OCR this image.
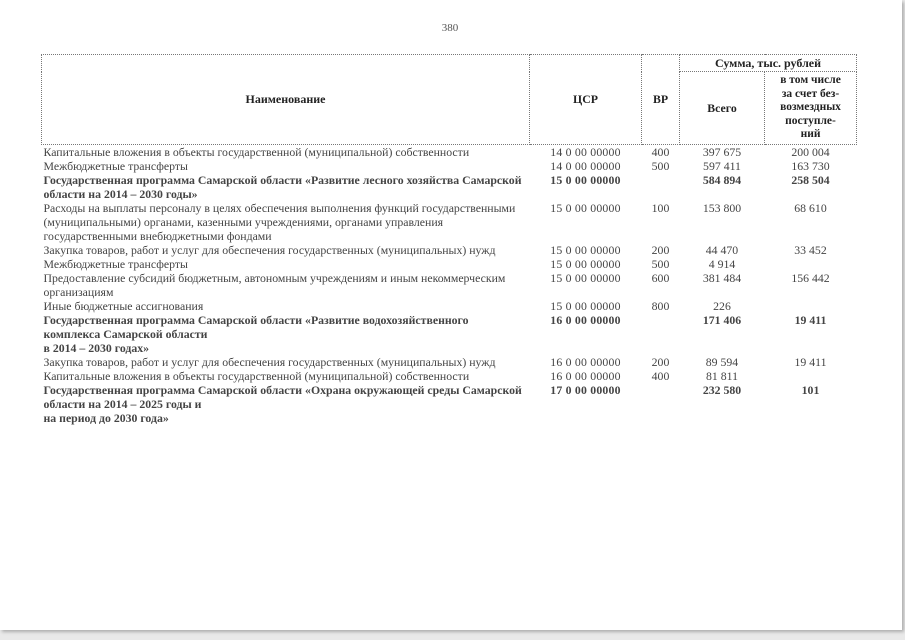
380
Наименование	ЦСР	ВР	Сумма, тыс. рублей	
			Всего	в том числе
за счет без-
возмездных
поступле-
ний

Капитальные вложения в объекты государственной (муниципальной) собственности	14 0 00 00000	400	397 675	200 004
Межбюджетные трансферты	14 0 00 00000	500	597 411	163 730
Государственная программа Самарской области «Развитие лесного хозяйства Самарской области на 2014 – 2030 годы»	15 0 00 00000		584 894	258 504
Расходы на выплаты персоналу в целях обеспечения выполнения функций государственными (муниципальными) органами, казенными учреждениями, органами управления государственными внебюджетными фондами	15 0 00 00000	100	153 800	68 610
Закупка товаров, работ и услуг для обеспечения государственных (муниципальных) нужд	15 0 00 00000	200	44 470	33 452
Межбюджетные трансферты	15 0 00 00000	500	4 914	
Предоставление субсидий бюджетным, автономным учреждениям и иным некоммерческим организациям	15 0 00 00000	600	381 484	156 442
Иные бюджетные ассигнования	15 0 00 00000	800	226	
Государственная программа Самарской области «Развитие водохозяйственного комплекса Самарской области
в 2014 – 2030 годах»	16 0 00 00000		171 406	19 411
Закупка товаров, работ и услуг для обеспечения государственных (муниципальных) нужд	16 0 00 00000	200	89 594	19 411
Капитальные вложения в объекты государственной (муниципальной) собственности	16 0 00 00000	400	81 811	
Государственная программа Самарской области «Охрана окружающей среды Самарской области на 2014 – 2025 годы и
на период до 2030 года»	17 0 00 00000		232 580	101
